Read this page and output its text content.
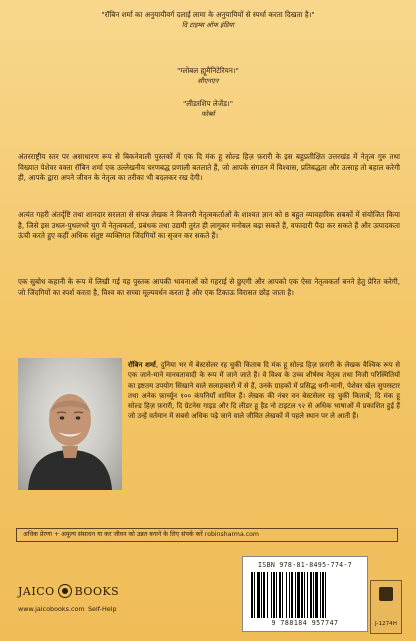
"रॉबिन शर्मा का अनुयायीवर्ग दलाई लामा के अनुयायियों से स्पर्धा करता दिखता है।"
दि टाइम्स ऑफ इंडिया
"ग्लोबल ह्यूमैनिटेरियन।"
सीएनएन
"लीडरशिप लेजेंड।"
फोर्ब्स
अंतरराष्ट्रीय स्तर पर असाधारण रूप से बिकनेवाली पुस्तकों में एक दि मंक हू सोल्ड हिज़ फ़रारी के इस बहुप्रतीक्षित उत्तरखंड में नेतृत्व गुरु तथा विख्यात पेशेवर वक्ता रॉबिन शर्मा एक उल्लेखनीय चरणबद्ध प्रणाली बतलाते हैं, जो आपके संगठन में विश्वास, प्रतिबद्धता और उत्साह तो बहाल करेगी ही, आपके द्वारा अपने जीवन के नेतृत्व का तरीका भी बदलकर रख देगी।
अत्यंत गहरी अंतर्दृष्टि तथा शानदार सरलता से संपन्न लेखक ने विजनरी नेतृत्वकर्ताओं के शाश्वत ज्ञान को 8 बहुत व्यावहारिक सबकों में संयोजित किया है, जिसे इस उथल-पुथलभरे युग में नेतृत्वकर्ता, प्रबंधक तथा उद्यमी तुरंत ही लागूकर मनोबल बढ़ा सकते हैं, वफादारी पैदा कर सकते हैं और उत्पादकता ऊंची करते हुए कहीं अधिक संतुष्ट व्यक्तिगत जिंदगियों का सृजन कर सकते हैं।
एक सुबोध कहानी के रूप में लिखी गई यह पुस्तक आपकी भावनाओं को गहराई से छुएगी और आपको एक ऐसा नेतृत्वकर्ता बनने हेतु प्रेरित करेगी, जो जिंदगियों का स्पर्श करता है, विश्व का सच्चा मूल्यवर्धन करता है और एक टिकाऊ विरासत छोड़ जाता है।
रॉबिन शर्मा, दुनिया भर में बेस्टसेलर रह चुकी किताब दि मंक हू सोल्ड हिज़ फ़रारी के लेखक वैश्विक रूप से एक जाने-माने मानवतावादी के रूप में जाने जाते हैं। वे विश्व के उच्च शीर्षस्थ नेतृत्व तथा निजी परिस्थितियों का इष्टतम उपयोग सिखाने वाले सलाहकारों में से हैं, उनके ग्राहकों में प्रसिद्ध धनी-मानी, पेशेवर खेल सुपरस्टार तथा अनेक फ़ार्च्यून १०० कंपनियाँ शामिल हैं। लेखक की नंबर वन बेस्टसेलर रह चुकी किताबें; दि मंक हू सोल्ड हिज़ फ़रारी, दि ग्रेटनेस गाइड और दि लीडर हू हैड नो टाइटल ९२ से अधिक भाषाओं में प्रकाशित हुई हैं जो उन्हें वर्तमान में सबसे अधिक पढ़े जाने वाले जीवित लेखकों में पहले स्थान पर ले आती हैं।
अधिक प्रेरणा + अमूल्य संसाधन या कर जीवन को उन्नत बनाने के लिए संपर्क करें robinsharma.com
JAICO BOOKS
www.jaicobooks.com Self-Help
ISBN 978-81-8495-774-7
9 788184 957747	J-1274H
